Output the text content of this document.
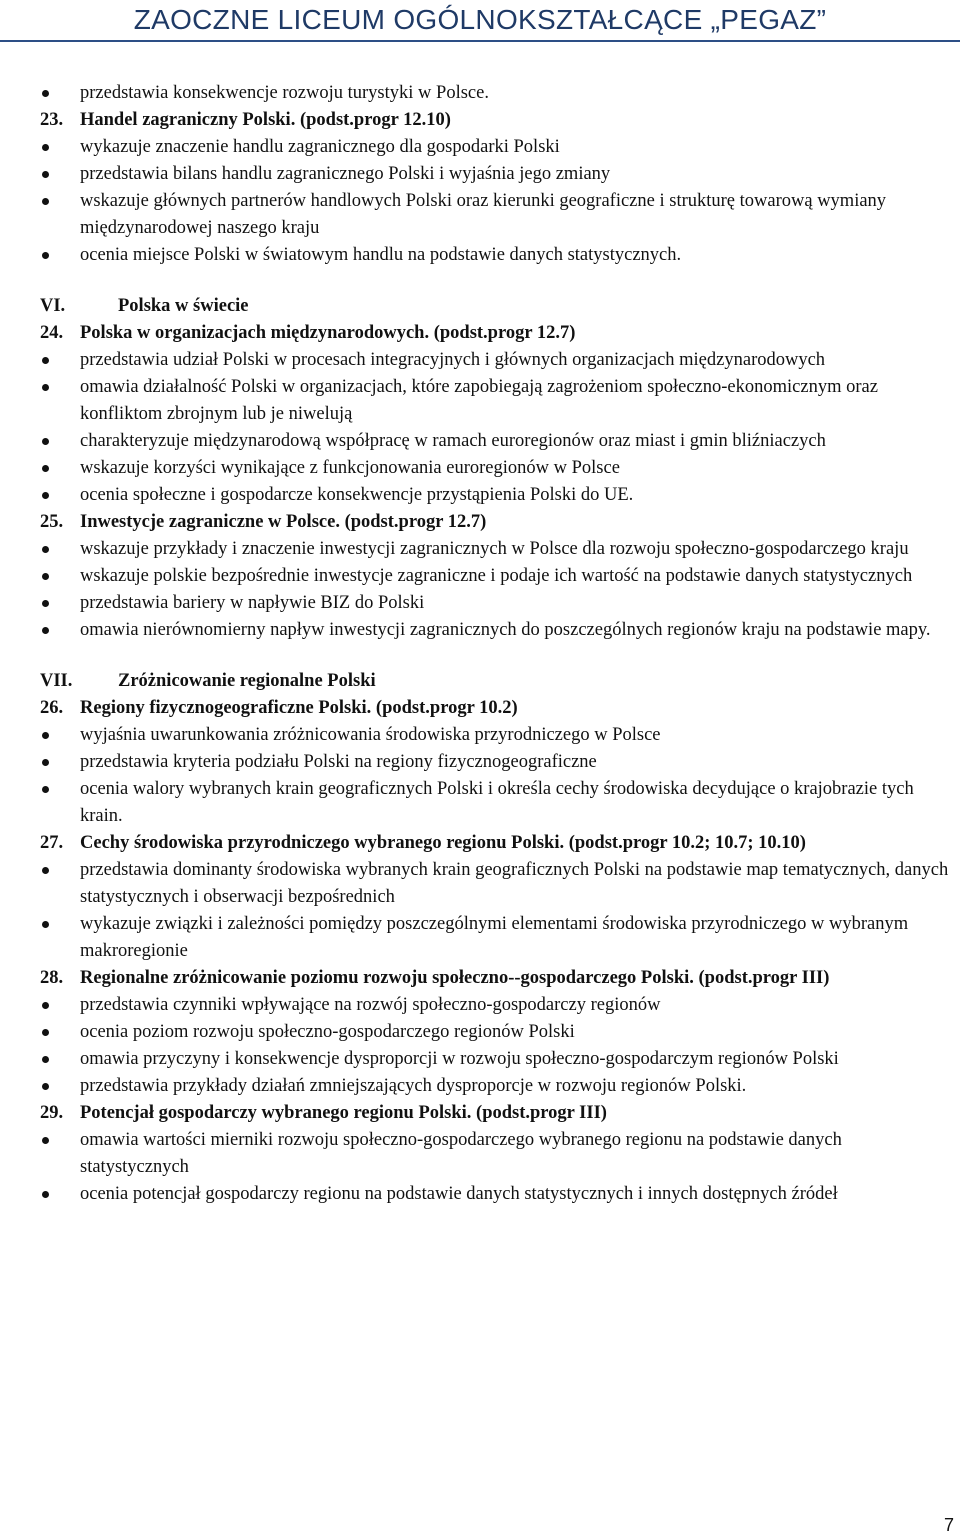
ZAOCZNE LICEUM OGÓLNOKSZTAŁCĄCE „PEGAZ”
przedstawia konsekwencje rozwoju turystyki w Polsce.
23. Handel zagraniczny Polski. (podst.progr 12.10)
wykazuje znaczenie handlu zagranicznego dla gospodarki Polski
przedstawia bilans handlu zagranicznego Polski i wyjaśnia jego zmiany
wskazuje głównych partnerów handlowych Polski oraz kierunki geograficzne i strukturę towarową wymiany międzynarodowej naszego kraju
ocenia miejsce Polski w światowym handlu na podstawie danych statystycznych.
VI.	Polska w świecie
24. Polska w organizacjach międzynarodowych. (podst.progr 12.7)
przedstawia udział Polski w procesach integracyjnych i głównych organizacjach międzynarodowych
omawia działalność Polski w organizacjach, które zapobiegają zagrożeniom społeczno-ekonomicznym oraz konfliktom zbrojnym lub je niwelują
charakteryzuje międzynarodową współpracę w ramach euroregionów oraz miast i gmin bliźniaczych
wskazuje korzyści wynikające z funkcjonowania euroregionów w Polsce
ocenia społeczne i gospodarcze konsekwencje przystąpienia Polski do UE.
25. Inwestycje zagraniczne w Polsce. (podst.progr 12.7)
wskazuje przykłady i znaczenie inwestycji zagranicznych w Polsce dla rozwoju społeczno-gospodarczego kraju
wskazuje polskie bezpośrednie inwestycje zagraniczne i podaje ich wartość na podstawie danych statystycznych
przedstawia bariery w napływie BIZ do Polski
omawia nierównomierny napływ inwestycji zagranicznych do poszczególnych regionów kraju na podstawie mapy.
VII. Zróżnicowanie regionalne Polski
26. Regiony fizycznogeograficzne Polski. (podst.progr 10.2)
wyjaśnia uwarunkowania zróżnicowania środowiska przyrodniczego w Polsce
przedstawia kryteria podziału Polski na regiony fizycznogeograficzne
ocenia walory wybranych krain geograficznych Polski i określa cechy środowiska decydujące o krajobrazie tych krain.
27. Cechy środowiska przyrodniczego wybranego regionu Polski. (podst.progr 10.2; 10.7; 10.10)
przedstawia dominanty środowiska wybranych krain geograficznych Polski na podstawie map tematycznych, danych statystycznych i obserwacji bezpośrednich
wykazuje związki i zależności pomiędzy poszczególnymi elementami środowiska przyrodniczego w wybranym makroregionie
28. Regionalne zróżnicowanie poziomu rozwoju społeczno--gospodarczego Polski. (podst.progr III)
przedstawia czynniki wpływające na rozwój społeczno-gospodarczy regionów
ocenia poziom rozwoju społeczno-gospodarczego regionów Polski
omawia przyczyny i konsekwencje dysproporcji w rozwoju społeczno-gospodarczym regionów Polski
przedstawia przykłady działań zmniejszających dysproporcje w rozwoju regionów Polski.
29. Potencjał gospodarczy wybranego regionu Polski. (podst.progr III)
omawia wartości mierniki rozwoju społeczno-gospodarczego wybranego regionu na podstawie danych statystycznych
ocenia potencjał gospodarczy regionu na podstawie danych statystycznych i innych dostępnych źródeł
7
